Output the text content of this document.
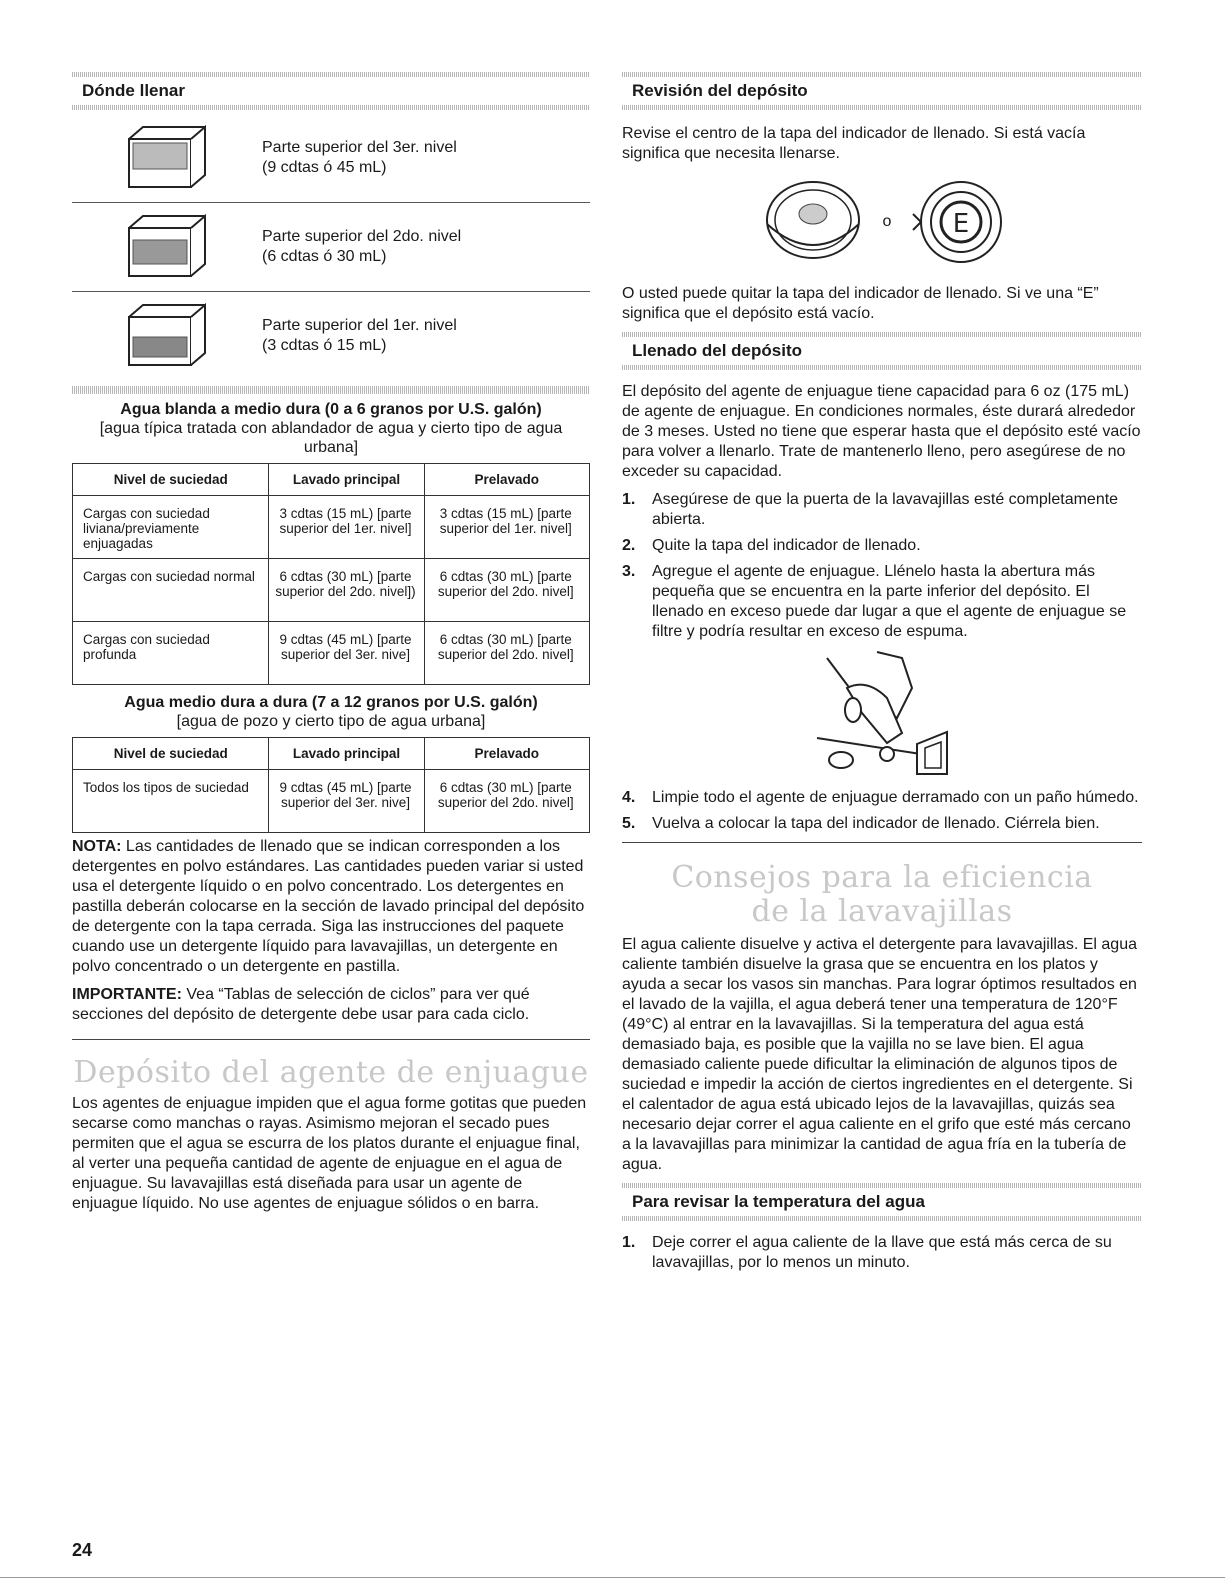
Dónde llenar
Parte superior del 3er. nivel
(9 cdtas ó 45 mL)
Parte superior del 2do. nivel
(6 cdtas ó 30 mL)
Parte superior del 1er. nivel
(3 cdtas ó 15 mL)
Agua blanda a medio dura (0 a 6 granos por U.S. galón)
[agua típica tratada con ablandador de agua y cierto tipo de agua urbana]
Nivel de suciedad	Lavado principal	Prelavado
Cargas con suciedad liviana/previamente enjuagadas	3 cdtas (15 mL) [parte superior del 1er. nivel]	3 cdtas (15 mL) [parte superior del 1er. nivel]
Cargas con suciedad normal	6 cdtas (30 mL) [parte superior del 2do. nivel])	6 cdtas (30 mL) [parte superior del 2do. nivel]
Cargas con suciedad profunda	9 cdtas (45 mL) [parte superior del 3er. nive]	6 cdtas (30 mL) [parte superior del 2do. nivel]
Agua medio dura a dura (7 a 12 granos por U.S. galón)
[agua de pozo y cierto tipo de agua urbana]
Nivel de suciedad	Lavado principal	Prelavado
Todos los tipos de suciedad	9 cdtas (45 mL) [parte superior del 3er. nive]	6 cdtas (30 mL) [parte superior del 2do. nivel]

NOTA: Las cantidades de llenado que se indican corresponden a los detergentes en polvo estándares. Las cantidades pueden variar si usted usa el detergente líquido o en polvo concentrado. Los detergentes en pastilla deberán colocarse en la sección de lavado principal del depósito de detergente con la tapa cerrada. Siga las instrucciones del paquete cuando use un detergente líquido para lavavajillas, un detergente en polvo concentrado o un detergente en pastilla.

IMPORTANTE: Vea “Tablas de selección de ciclos” para ver qué secciones del depósito de detergente debe usar para cada ciclo.

Depósito del agente de enjuague

Los agentes de enjuague impiden que el agua forme gotitas que pueden secarse como manchas o rayas. Asimismo mejoran el secado pues permiten que el agua se escurra de los platos durante el enjuague final, al verter una pequeña cantidad de agente de enjuague en el agua de enjuague. Su lavavajillas está diseñada para usar un agente de enjuague líquido. No use agentes de enjuague sólidos o en barra.

Revisión del depósito

Revise el centro de la tapa del indicador de llenado. Si está vacía significa que necesita llenarse.

o E

O usted puede quitar la tapa del indicador de llenado. Si ve una “E” significa que el depósito está vacío.

Llenado del depósito

El depósito del agente de enjuague tiene capacidad para 6 oz (175 mL) de agente de enjuague. En condiciones normales, éste durará alrededor de 3 meses. Usted no tiene que esperar hasta que el depósito esté vacío para volver a llenarlo. Trate de mantenerlo lleno, pero asegúrese de no exceder su capacidad.

1.	Asegúrese de que la puerta de la lavavajillas esté completamente abierta.
2.	Quite la tapa del indicador de llenado.
3.	Agregue el agente de enjuague. Llénelo hasta la abertura más pequeña que se encuentra en la parte inferior del depósito. El llenado en exceso puede dar lugar a que el agente de enjuague se filtre y podría resultar en exceso de espuma.
4.	Limpie todo el agente de enjuague derramado con un paño húmedo.
5.	Vuelva a colocar la tapa del indicador de llenado. Ciérrela bien.
Consejos para la eficiencia
de la lavavajillas

El agua caliente disuelve y activa el detergente para lavavajillas. El agua caliente también disuelve la grasa que se encuentra en los platos y ayuda a secar los vasos sin manchas. Para lograr óptimos resultados en el lavado de la vajilla, el agua deberá tener una temperatura de 120°F (49°C) al entrar en la lavavajillas. Si la temperatura del agua está demasiado baja, es posible que la vajilla no se lave bien. El agua demasiado caliente puede dificultar la eliminación de algunos tipos de suciedad e impedir la acción de ciertos ingredientes en el detergente. Si el calentador de agua está ubicado lejos de la lavavajillas, quizás sea necesario dejar correr el agua caliente en el grifo que esté más cercano a la lavavajillas para minimizar la cantidad de agua fría en la tubería de agua.

Para revisar la temperatura del agua
1.	Deje correr el agua caliente de la llave que está más cerca de su lavavajillas, por lo menos un minuto.
24
